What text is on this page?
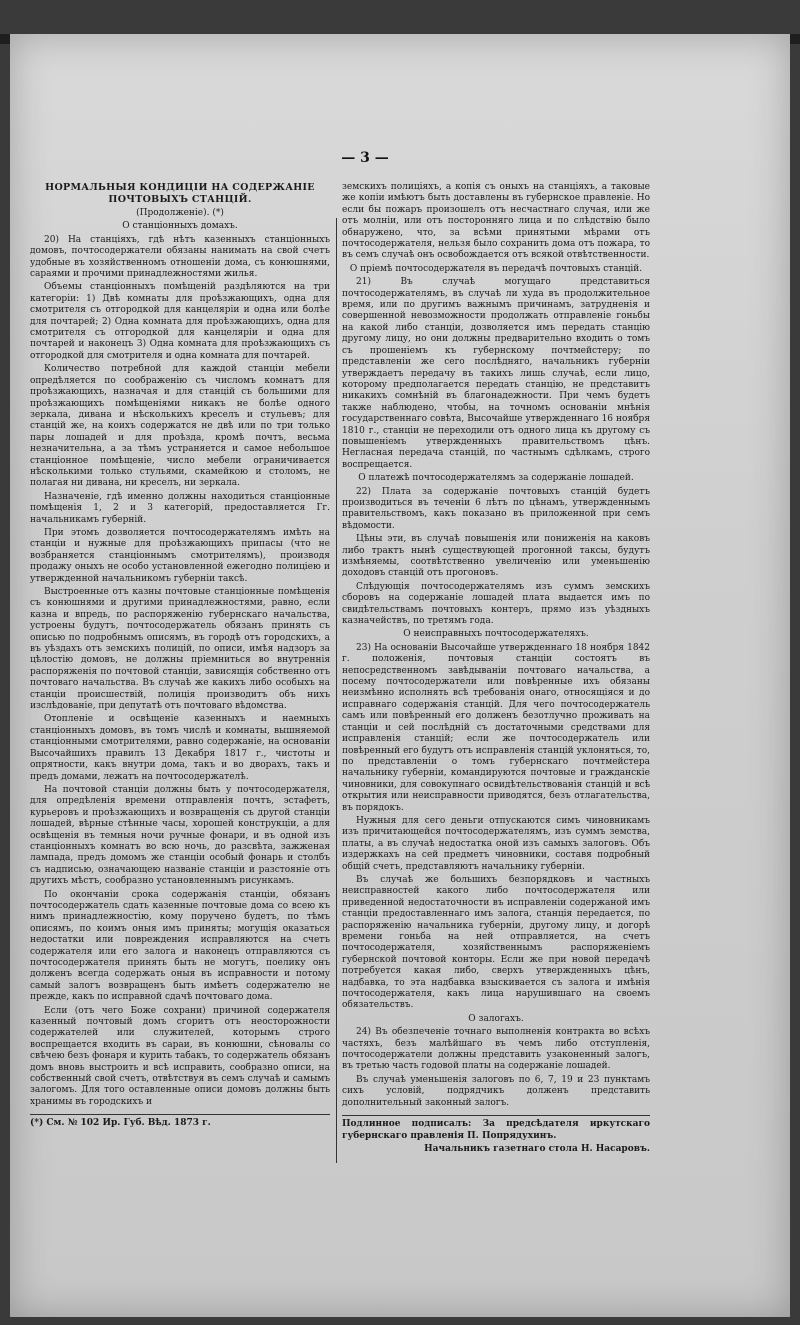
— 3 —

НОРМАЛЬНЫЯ КОНДИЦІИ НА СОДЕРЖАНІЕ ПОЧТОВЫХЪ СТАНЦІЙ.

(Продолженіе). (*)

О станціонныхъ домахъ.

20) На станціяхъ, гдѣ нѣтъ казенныхъ станціонныхъ домовъ, почтосодержатели обязаны нанимать на свой счетъ удобные въ хозяйственномъ отношеніи дома, съ конюшнями, сараями и прочими принадлежностями жилья.

Объемы станціонныхъ помѣщеній раздѣляются на три категоріи: 1) Двѣ комнаты для проѣзжающихъ, одна для смотрителя съ отгородкой для канцеляріи и одна или болѣе для почтарей; 2) Одна комната для проѣзжающихъ, одна для смотрителя съ отгородкой для канцеляріи и одна для почтарей и наконецъ 3) Одна комната для проѣзжающихъ съ отгородкой для смотрителя и одна комната для почтарей.

Количество потребной для каждой станціи мебели опредѣляется по соображенію съ числомъ комнатъ для проѣзжающихъ, назначая и для станцій съ большими для проѣзжающихъ помѣщеніями никакъ не болѣе одного зеркала, дивана и нѣсколькихъ креселъ и стульевъ; для станцій же, на коихъ содержатся не двѣ или по три только пары лошадей и для проѣзда, кромѣ почтъ, весьма незначительна, а за тѣмъ устраняется и самое небольшое станціонное помѣщеніе, число мебели ограничивается нѣсколькими только стульями, скамейкою и столомъ, не полагая ни дивана, ни креселъ, ни зеркала.

Назначеніе, гдѣ именно должны находиться станціонные помѣщенія 1, 2 и 3 категорій, предоставляется Гг. начальникамъ губерній.

При этомъ дозволяется почтосодержателямъ имѣть на станціи и нужные для проѣзжающихъ припасы (что не возбраняется станціоннымъ смотрителямъ), производя продажу оныхъ не особо установленной ежегодно полиціею и утвержденной начальникомъ губерніи таксѣ.

Выстроенные отъ казны почтовые станціонные помѣщенія съ конюшнями и другими принадлежностями, равно, если казна и впредь, по распоряженію губернскаго начальства, устроены будутъ, почтосодержатель обязанъ принять съ описью по подробнымъ описямъ, въ городѣ отъ городскихъ, а въ уѣздахъ отъ земскихъ полицій, по описи, имѣя надзоръ за цѣлостію домовъ, не должны пріемниться во внутреннія распоряженія по почтовой станціи, зависящія собственно отъ почтоваго начальства. Въ случаѣ же какихъ либо особыхъ на станціи происшествій, полиція производитъ объ нихъ изслѣдованіе, при депутатѣ отъ почтоваго вѣдомства.

Отопленіе и освѣщеніе казенныхъ и наемныхъ станціонныхъ домовъ, въ томъ числѣ и комнаты, вышняемой станціонными смотрителями, равно содержаніе, на основаніи Высочайшихъ правилъ 13 Декабря 1817 г., чистоты и опрятности, какъ внутри дома, такъ и во дворахъ, такъ и предъ домами, лежатъ на почтосодержателѣ.

На почтовой станціи должны быть у почтосодержателя, для опредѣленія времени отправленія почтъ, эстафетъ, курьеровъ и проѣзжающихъ и возвращенія съ другой станціи лошадей, вѣрные стѣнные часы, хорошей конструкціи, а для освѣщенія въ темныя ночи ручные фонари, и въ одной изъ станціонныхъ комнатъ во всю ночь, до разсвѣта, зажженая лампада, предъ домомъ же станціи особый фонарь и столбъ съ надписью, означающею названіе станціи и разстояніе отъ другихъ мѣстъ, сообразно установленнымъ рисункамъ.

По окончаніи срока содержанія станціи, обязанъ почтосодержатель сдать казенные почтовые дома со всею къ нимъ принадлежностію, кому поручено будетъ, по тѣмъ описямъ, по коимъ оныя имъ приняты; могущія оказаться недостатки или повреждения исправляются на счетъ содержателя или его залога и наконецъ отправляются съ почтосодержателя принять быть не могутъ, поелику онъ долженъ всегда содержать оныя въ исправности и потому самый залогъ возвращенъ быть имѣетъ содержателю не прежде, какъ по исправной сдачѣ почтоваго дома.

Если (отъ чего Боже сохрани) причиной содержателя казенный почтовый домъ сгоритъ отъ неосторожности содержателей или служителей, которымъ строго воспрещается входить въ сараи, въ конюшни, сѣновалы со свѣчею безъ фонаря и курить табакъ, то содержатель обязанъ домъ вновь выстроить и всѣ исправить, сообразно описи, на собственный свой счетъ, отвѣтствуя въ семъ случаѣ и самымъ залогомъ. Для того оставленные описи домовъ должны быть хранимы въ городскихъ и

(*) См. № 102 Ир. Губ. Вѣд. 1873 г.

земскихъ полиціяхъ, а копія съ оныхъ на станціяхъ, а таковые же копіи имѣютъ быть доставлены въ губернское правленіе. Но если бы пожаръ произошелъ отъ несчастнаго случая, или же отъ молніи, или отъ посторонняго лица и по слѣдствію было обнаружено, что, за всѣми принятыми мѣрами отъ почтосодержателя, нельзя было сохранить дома отъ пожара, то въ семъ случаѣ онъ освобождается отъ всякой отвѣтственности.

О пріемѣ почтосодержателя въ передачѣ почтовыхъ станцій.

21) Въ случаѣ могущаго представиться почтосодержателямъ, въ случаѣ ли худа въ продолжительное время, или по другимъ важнымъ причинамъ, затрудненія и совершенной невозможности продолжать отправленіе гоньбы на какой либо станціи, дозволяется имъ передать станцію другому лицу, но они должны предварительно входить о томъ съ прошеніемъ къ губернскому почтмейстеру; по представленіи же сего послѣдняго, начальникъ губерніи утверждаетъ передачу въ такихъ лишь случаѣ, если лицо, которому предполагается передать станцію, не представитъ никакихъ сомнѣній въ благонадежности. При чемъ будетъ также наблюдено, чтобы, на точномъ основаніи мнѣнія государственнаго совѣта, Высочайше утвержденнаго 16 ноября 1810 г., станціи не переходили отъ одного лица къ другому съ повышеніемъ утвержденныхъ правительствомъ цѣнъ. Негласная передача станцій, по частнымъ сдѣлкамъ, строго воспрещается.

О платежѣ почтосодержателямъ за содержаніе лошадей.

22) Плата за содержаніе почтовыхъ станцій будетъ производиться въ теченіи 6 лѣтъ по цѣнамъ, утвержденнымъ правительствомъ, какъ показано въ приложенной при семъ вѣдомости.

Цѣны эти, въ случаѣ повышенія или пониженія на каковъ либо трактъ нынѣ существующей прогонной таксы, будутъ измѣняемы, соотвѣтственно увеличенію или уменьшенію доходовъ станцій отъ прогоновъ.

Слѣдующія почтосодержателямъ изъ суммъ земскихъ сборовъ на содержаніе лошадей плата выдается имъ по свидѣтельствамъ почтовыхъ контеръ, прямо изъ уѣздныхъ казначействъ, по третямъ года.

О неисправныхъ почтосодержателяхъ.

23) На основаніи Высочайше утвержденнаго 18 ноября 1842 г. положенія, почтовыя станціи состоятъ въ непосредственномъ завѣдываніи почтоваго начальства, а посему почтосодержатели или повѣренные ихъ обязаны неизмѣнно исполнять всѣ требованія онаго, относящіяся и до исправнаго содержанія станцій. Для чего почтосодержатель самъ или повѣренный его долженъ безотлучно проживать на станціи и сей послѣдній съ достаточными средствами для исправленія станцій; если же почтосодержатель или повѣренный его будутъ отъ исправленія станцій уклоняться, то, по представленіи о томъ губернскаго почтмейстера начальнику губерніи, командируются почтовые и гражданскіе чиновники, для совокупнаго освидѣтельствованія станцій и всѣ открытия или неисправности приводятся, безъ отлагательства, въ порядокъ.

Нужныя для сего деньги отпускаются симъ чиновникамъ изъ причитающейся почтосодержателямъ, изъ суммъ земства, платы, а въ случаѣ недостатка оной изъ самыхъ залоговъ. Объ издержкахъ на сей предметъ чиновники, составя подробный общій счетъ, представляютъ начальнику губерніи.

Въ случаѣ же большихъ безпорядковъ и частныхъ неисправностей какого либо почтосодержателя или приведенной недостаточности въ исправленіи содержаной имъ станціи предоставленнаго имъ залога, станція передается, по распоряженію начальника губерніи, другому лицу, и догорѣ времени гоньба на ней отправляется, на счетъ почтосодержателя, хозяйственнымъ распоряженіемъ губернской почтовой конторы. Если же при новой передачѣ потребуется какая либо, сверхъ утвержденныхъ цѣнъ, надбавка, то эта надбавка взыскивается съ залога и имѣнія почтосодержателя, какъ лица нарушившаго на своемъ обязательствъ.

О залогахъ.

24) Въ обезпеченіе точнаго выполненія контракта во всѣхъ частяхъ, безъ малѣйшаго въ чемъ либо отступленія, почтосодержатели должны представить узаконенный залогъ, въ третью часть годовой платы на содержаніе лошадей.

Въ случаѣ уменьшенія залоговъ по 6, 7, 19 и 23 пунктамъ сихъ условій, подрядчикъ долженъ представить дополнительный законный залогъ.

Подлинное подписалъ: За предсѣдателя иркутскаго губернскаго правленія П. Попрядухинъ.

Начальникъ газетнаго стола Н. Насаровъ.
